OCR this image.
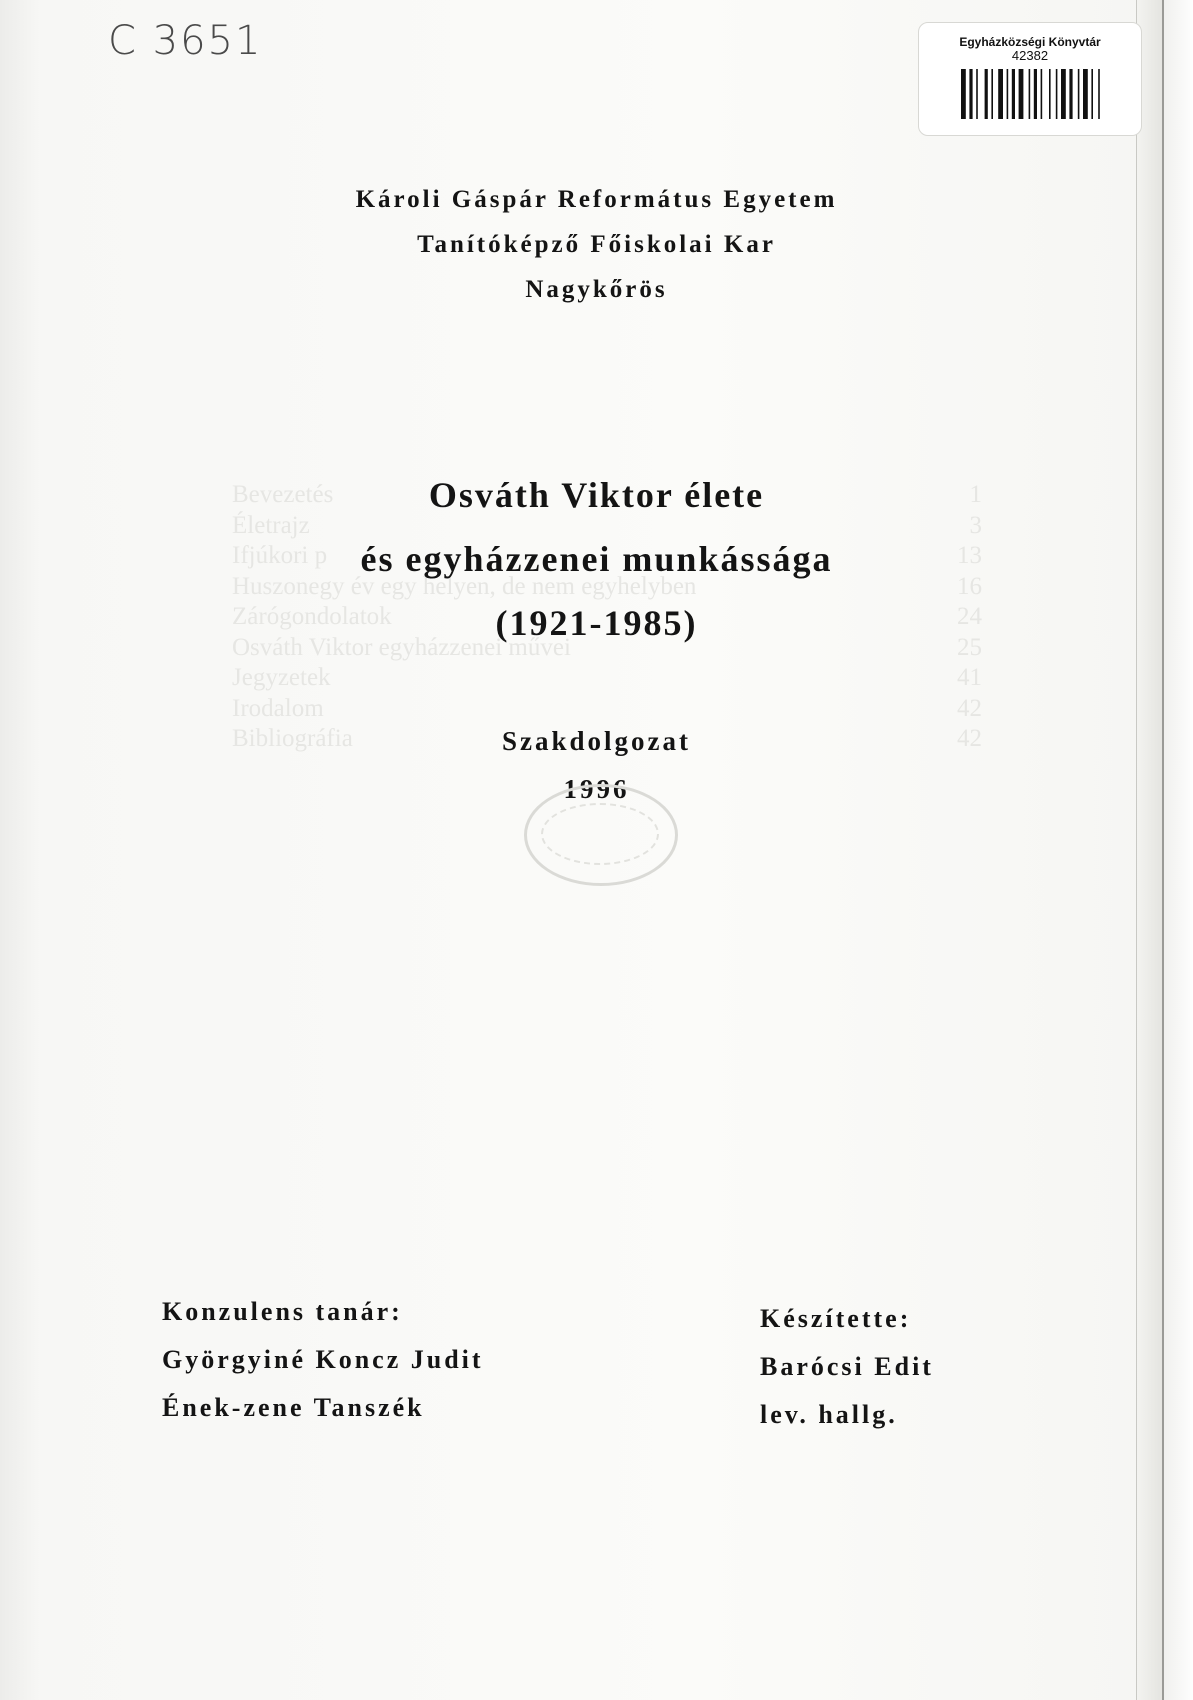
C 3651	Egyházközségi Könyvtár
42382
Károli Gáspár Református Egyetem
Tanítóképző Főiskolai Kar
Nagykőrös
Bevezetés	1
Életrajz	3
Ifjúkori p	13
Huszonegy év egy helyen, de nem egyhelyben	16
Zárógondolatok	24
Osváth Viktor egyházzenei művei	25
Jegyzetek	41
Irodalom	42
Bibliográfia	42
Osváth Viktor élete
és egyházzenei munkássága
(1921-1985)
Szakdolgozat
1996
Konzulens tanár:
Györgyiné Koncz Judit
Ének-zene Tanszék
Készítette:
Barócsi Edit
lev. hallg.
